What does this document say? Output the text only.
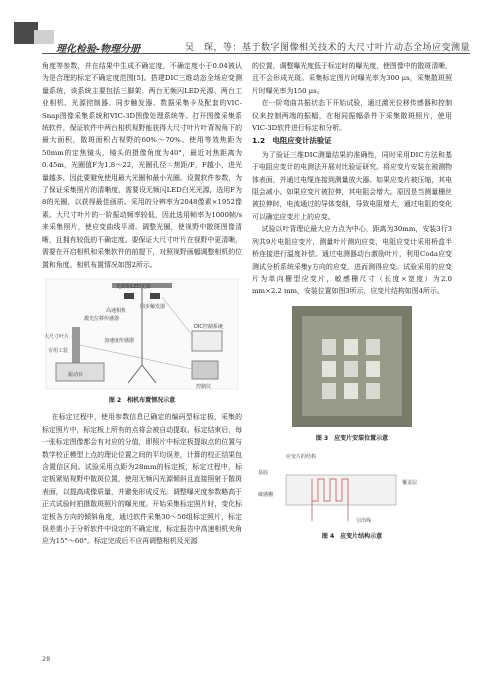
理化检验-物理分册	吴　琛，等：基于数字图像相关技术的大尺寸叶片动态全场应变测量

角度等参数，并在结果中生成不确定度，不确定度小于0.04被认为是合理的标定不确定度范围[5]。搭建DIC三维动态全场应变测量系统，该系统主要包括三脚架、两台无频闪LED光源、两台工业相机、光源控制器、同步触发器、数据采集卡及配套的VIC-Snap图像采集系统和VIC-3D图像处理系统等。打开图像采集系统软件，保证软件中两台相机视野能获得大尺寸叶片叶背视角下的最大面积，散斑面积占视野的60%～70%。使用等效焦距为50mm的定焦镜头，镜头的摄像角度为40°，最近对焦距离为0.45m，光圈值F为1.8～22，光圈孔径＝焦距/F，F越小，进光量越多，因此要避免使用最大光圈和最小光圈。设置软件参数，为了保证采集照片的清晰度，需要设无频闪LED白光光源，选用F为8的光圈，以获得最佳画质。采用的分辨率为2048像素×1952像素。大尺寸叶片的一阶振动频率较低，因此选用帧率为1000帧/s来采集照片，使应变曲线平滑。调整光圈，使视野中散斑图像清晰，且拥有较低的不确定度。要保证大尺寸叶片在视野中更清晰，需要在开启相机和采集软件的前提下，对照视野画幅调整相机的位置和角度。相机布置情况如图2所示。

光源和LED光源
同步触发器
高速相机
激光位移传感器
DIC控制系统
大尺寸叶片
专用工装
加速度传感器
振动台
控制仪
图 2　相机布置情况示意

在标定过程中，使用参数信息已确定的编码型标定板，采集的标定照片中，标定板上所有的点将会被自动提取。标定结束后，每一张标定图像都会有对应的分值，即照片中标定板提取点的位置与数学校正模型上点的理论位置之间的平均误差，计算的校正结果包含置信区间。试验采用点距为28mm的标定板，标定过程中，标定板紧贴视野中散斑位置，使用无频闪光源倾斜且直接照射于散斑表面，以提高成像质量，并避免形成反光。调整曝光度参数略高于正式试验时拍摄散斑照片的曝光度。开始采集标定照片时，变化标定板各方向的倾斜角度，通过软件采集30～50组标定照片，标定误差需小于分析软件中设定的不确定度，标定报告中高速相机夹角应为15°～60°。标定完成后不应再调整相机及光源

的位置，调整曝光度低于标定时的曝光度，使图像中的散斑清晰，且不会形成光斑。采集标定图片时曝光率为300 μs，采集散斑照片时曝光率为150 μs。

在一阶弯曲共振状态下开始试验，通过激光位移传感器和控制仪来控制两端的振幅，在相同振幅条件下采集散斑照片，使用VIC-3D软件进行标定和分析。

1.2　电阻应变计法验证

为了验证三维DIC测量结果的准确性，同时采用DIC方法和基于电阻应变计的电测法开展对比验证研究。将应变片安装在被测物体表面，并通过电缆连接到测量放大器。如果应变片被压缩，其电阻会减小。如果应变片被拉伸，其电阻会增大。原因是当测量栅丝被拉伸时，电流通过的导体变细，导致电阻增大，通过电阻的变化可以确定应变片上的应变。

试验以叶背理论最大应力点为中心，距离为30mm，安装3行3列共9片电阻应变片，测量叶片测向应变，电阻应变计采用桥盒半桥连接进行温度补偿。通过电测器动台激励叶片，利用Coda应变测试分析系统采集y方向的应变，进而测得应变。试验采用的应变片为单向栅型应变片，敏感栅尺寸（长度×宽度）为2.0 mm×2.2 mm，安装位置如图3所示，应变片结构如图4所示。

图 3　应变片安装位置示意
应变片的结构
基底
敏感栅
覆盖层
引出线
图 4　应变片结构示意
28
